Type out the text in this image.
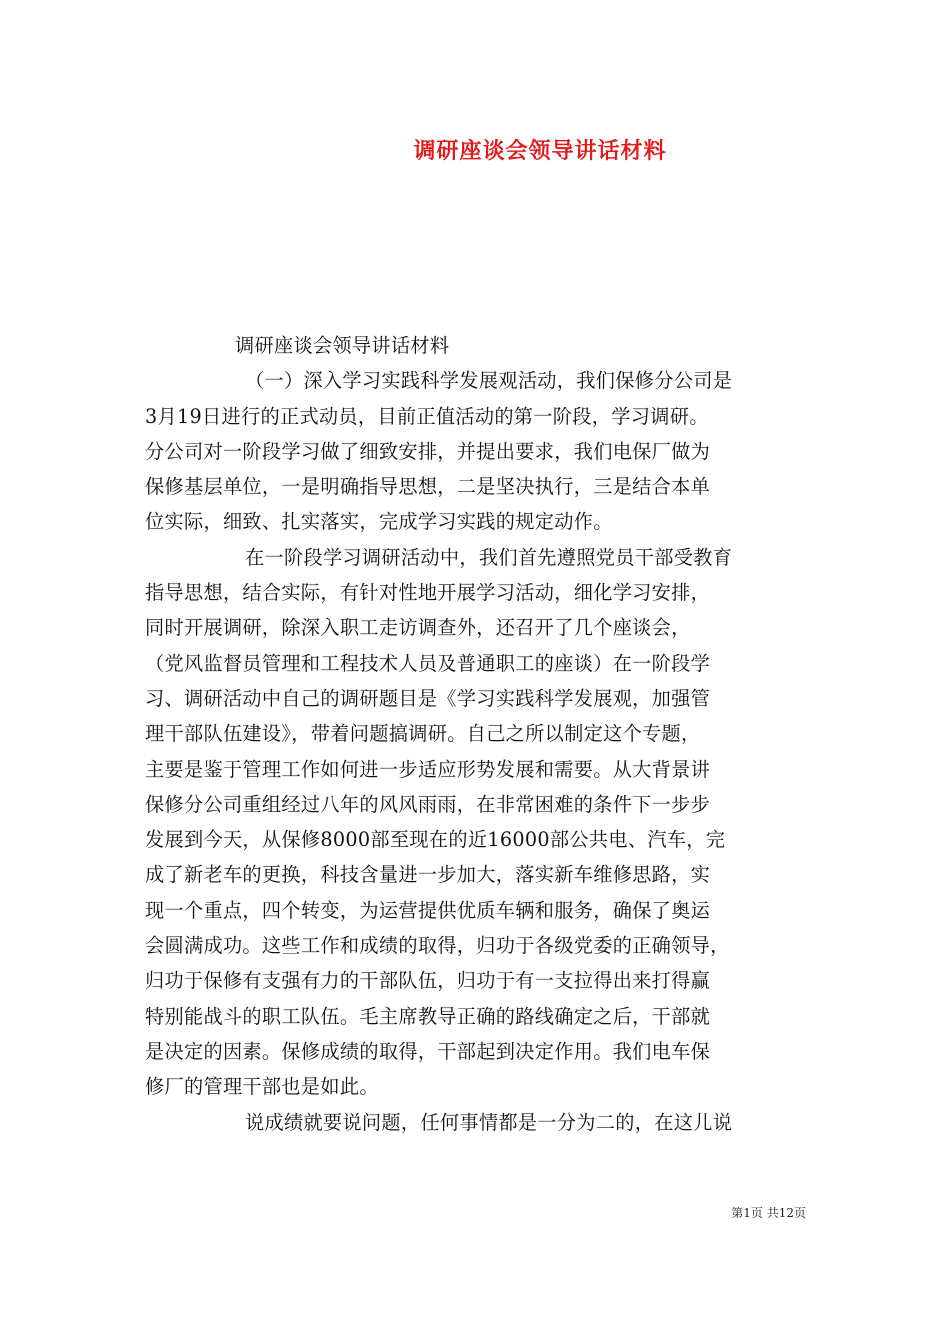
调研座谈会领导讲话材料
调研座谈会领导讲话材料
（一）深入学习实践科学发展观活动，我们保修分公司是
3月19日进行的正式动员，目前正值活动的第一阶段，学习调研。
分公司对一阶段学习做了细致安排，并提出要求，我们电保厂做为
保修基层单位，一是明确指导思想，二是坚决执行，三是结合本单
位实际，细致、扎实落实，完成学习实践的规定动作。
在一阶段学习调研活动中，我们首先遵照党员干部受教育
指导思想，结合实际，有针对性地开展学习活动，细化学习安排，
同时开展调研，除深入职工走访调查外，还召开了几个座谈会，
（党风监督员管理和工程技术人员及普通职工的座谈）在一阶段学
习、调研活动中自己的调研题目是《学习实践科学发展观，加强管
理干部队伍建设》，带着问题搞调研。自己之所以制定这个专题，
主要是鉴于管理工作如何进一步适应形势发展和需要。从大背景讲
保修分公司重组经过八年的风风雨雨，在非常困难的条件下一步步
发展到今天，从保修8000部至现在的近16000部公共电、汽车，完
成了新老车的更换，科技含量进一步加大，落实新车维修思路，实
现一个重点，四个转变，为运营提供优质车辆和服务，确保了奥运
会圆满成功。这些工作和成绩的取得，归功于各级党委的正确领导，
归功于保修有支强有力的干部队伍，归功于有一支拉得出来打得赢
特别能战斗的职工队伍。毛主席教导正确的路线确定之后，干部就
是决定的因素。保修成绩的取得，干部起到决定作用。我们电车保
修厂的管理干部也是如此。
说成绩就要说问题，任何事情都是一分为二的，在这儿说
第1页 共12页
